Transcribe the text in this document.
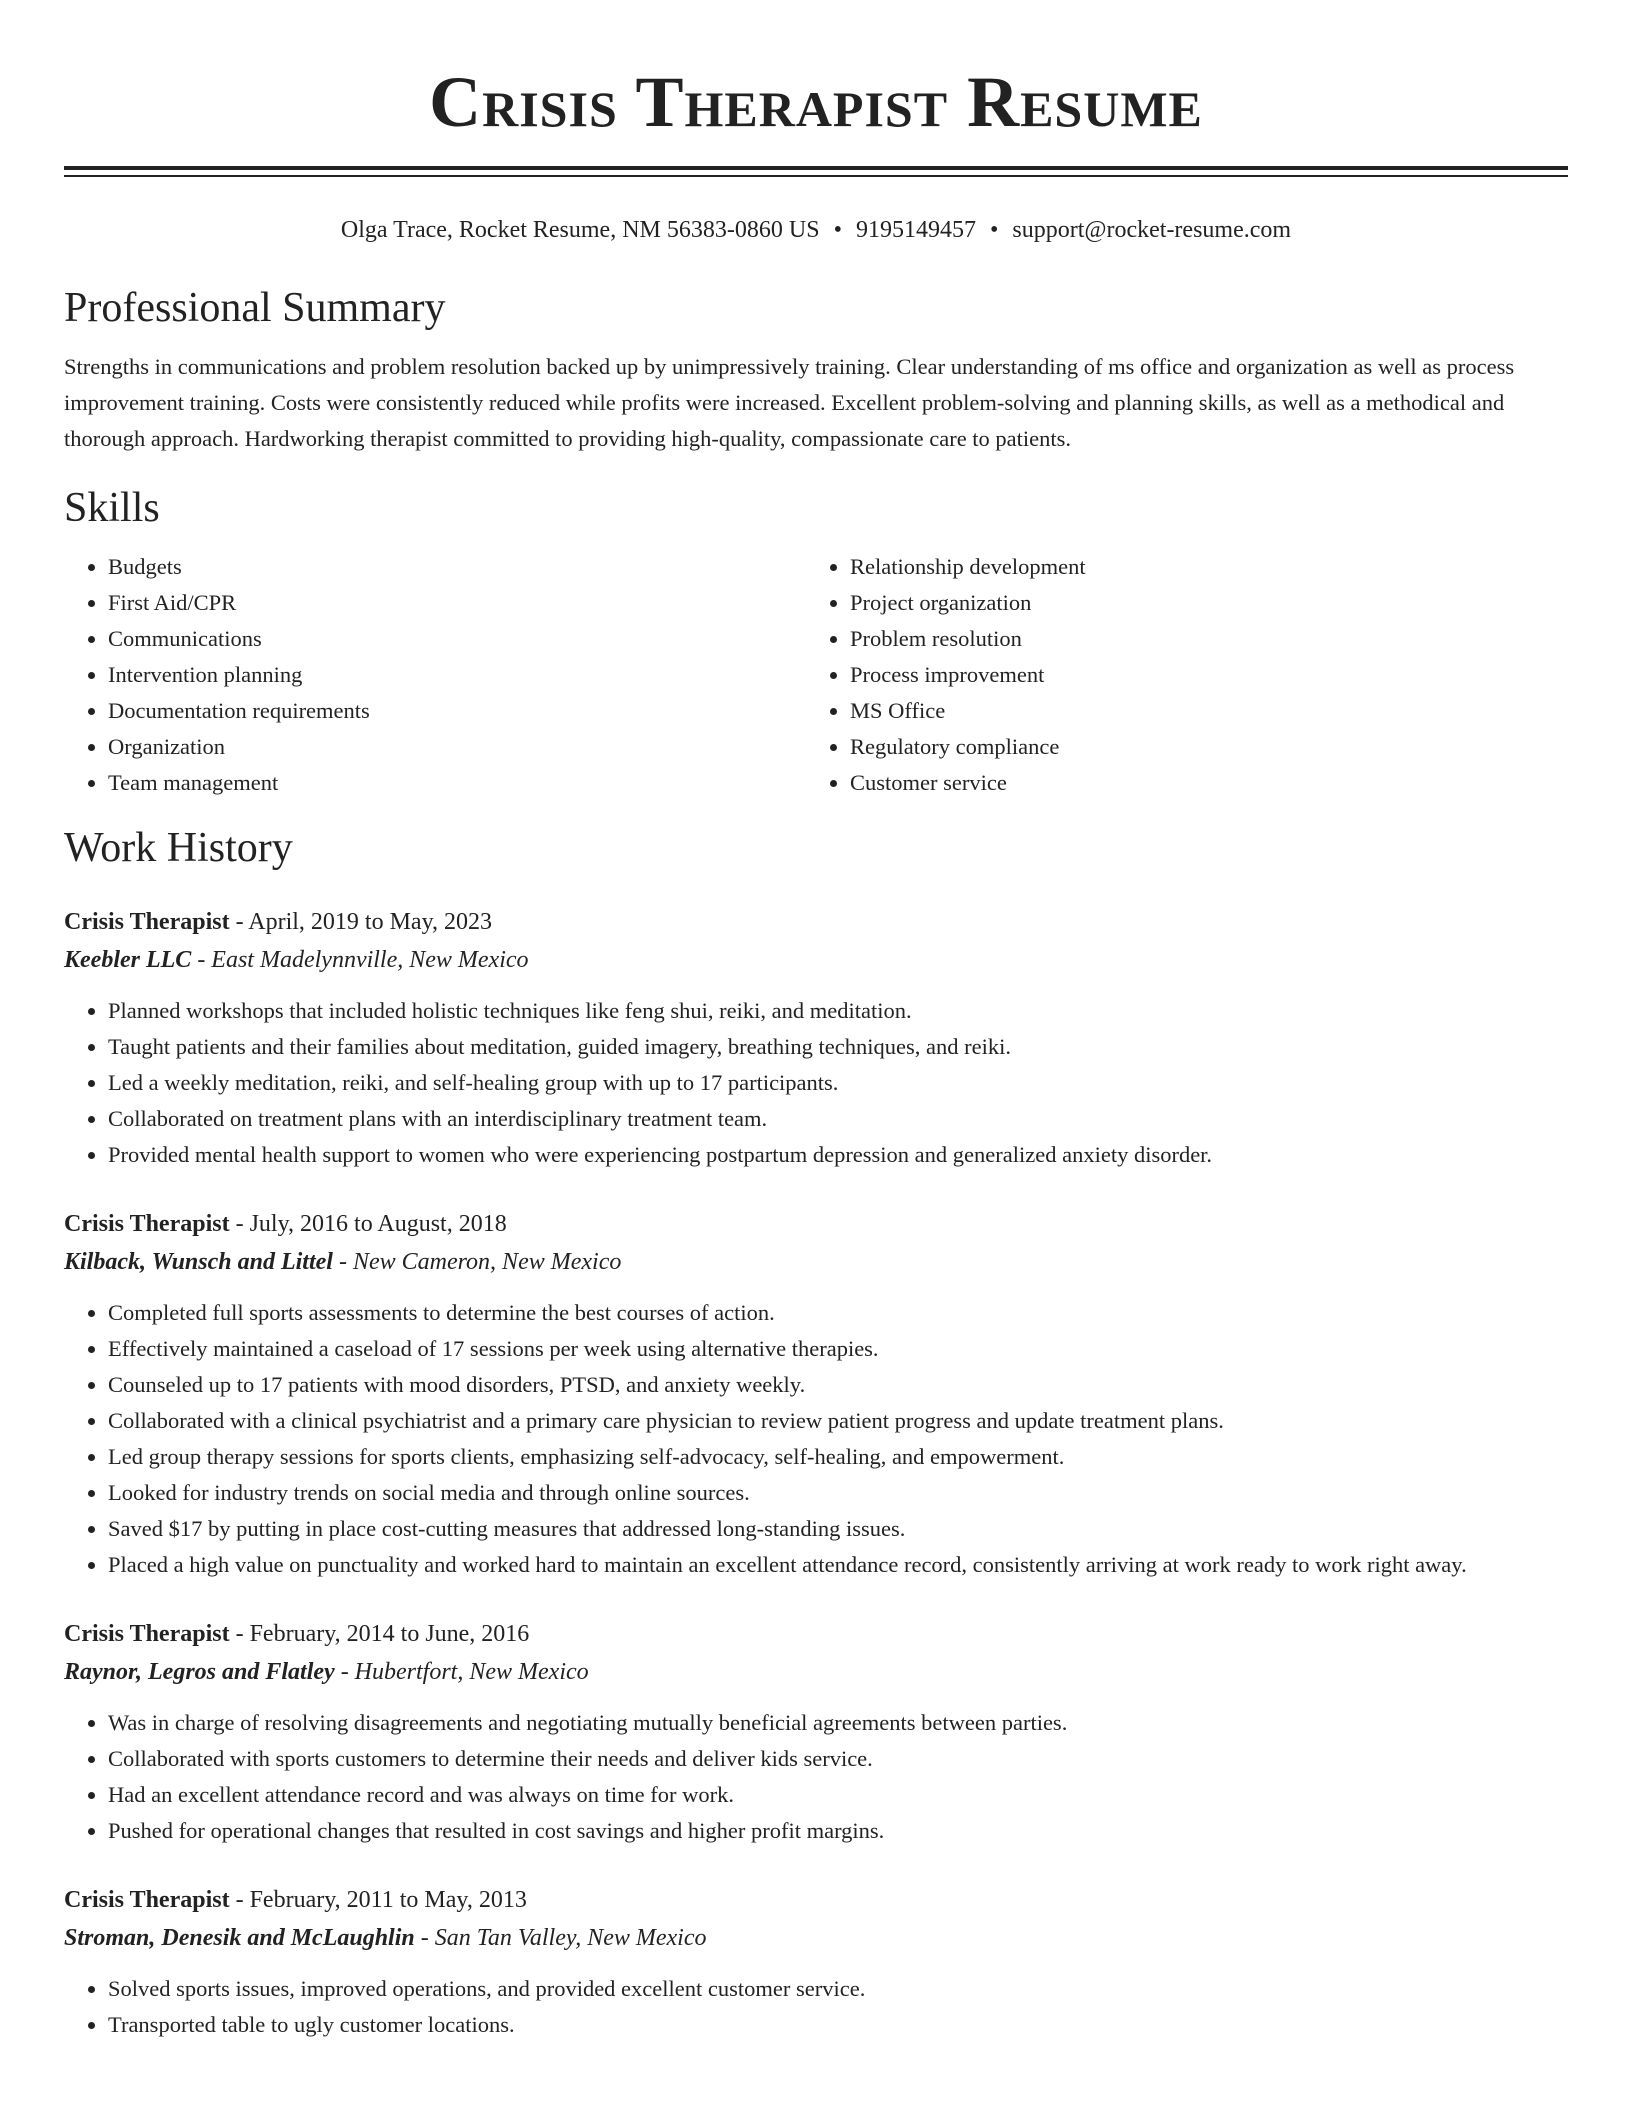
Crisis Therapist Resume
Olga Trace, Rocket Resume, NM 56383-0860 US • 9195149457 • support@rocket-resume.com
Professional Summary
Strengths in communications and problem resolution backed up by unimpressively training. Clear understanding of ms office and organization as well as process improvement training. Costs were consistently reduced while profits were increased. Excellent problem-solving and planning skills, as well as a methodical and thorough approach. Hardworking therapist committed to providing high-quality, compassionate care to patients.
Skills
• Budgets
• First Aid/CPR
• Communications
• Intervention planning
• Documentation requirements
• Organization
• Team management
• Relationship development
• Project organization
• Problem resolution
• Process improvement
• MS Office
• Regulatory compliance
• Customer service
Work History
Crisis Therapist - April, 2019 to May, 2023
Keebler LLC - East Madelynnville, New Mexico
• Planned workshops that included holistic techniques like feng shui, reiki, and meditation.
• Taught patients and their families about meditation, guided imagery, breathing techniques, and reiki.
• Led a weekly meditation, reiki, and self-healing group with up to 17 participants.
• Collaborated on treatment plans with an interdisciplinary treatment team.
• Provided mental health support to women who were experiencing postpartum depression and generalized anxiety disorder.
Crisis Therapist - July, 2016 to August, 2018
Kilback, Wunsch and Littel - New Cameron, New Mexico
• Completed full sports assessments to determine the best courses of action.
• Effectively maintained a caseload of 17 sessions per week using alternative therapies.
• Counseled up to 17 patients with mood disorders, PTSD, and anxiety weekly.
• Collaborated with a clinical psychiatrist and a primary care physician to review patient progress and update treatment plans.
• Led group therapy sessions for sports clients, emphasizing self-advocacy, self-healing, and empowerment.
• Looked for industry trends on social media and through online sources.
• Saved $17 by putting in place cost-cutting measures that addressed long-standing issues.
• Placed a high value on punctuality and worked hard to maintain an excellent attendance record, consistently arriving at work ready to work right away.
Crisis Therapist - February, 2014 to June, 2016
Raynor, Legros and Flatley - Hubertfort, New Mexico
• Was in charge of resolving disagreements and negotiating mutually beneficial agreements between parties.
• Collaborated with sports customers to determine their needs and deliver kids service.
• Had an excellent attendance record and was always on time for work.
• Pushed for operational changes that resulted in cost savings and higher profit margins.
Crisis Therapist - February, 2011 to May, 2013
Stroman, Denesik and McLaughlin - San Tan Valley, New Mexico
• Solved sports issues, improved operations, and provided excellent customer service.
• Transported table to ugly customer locations.
